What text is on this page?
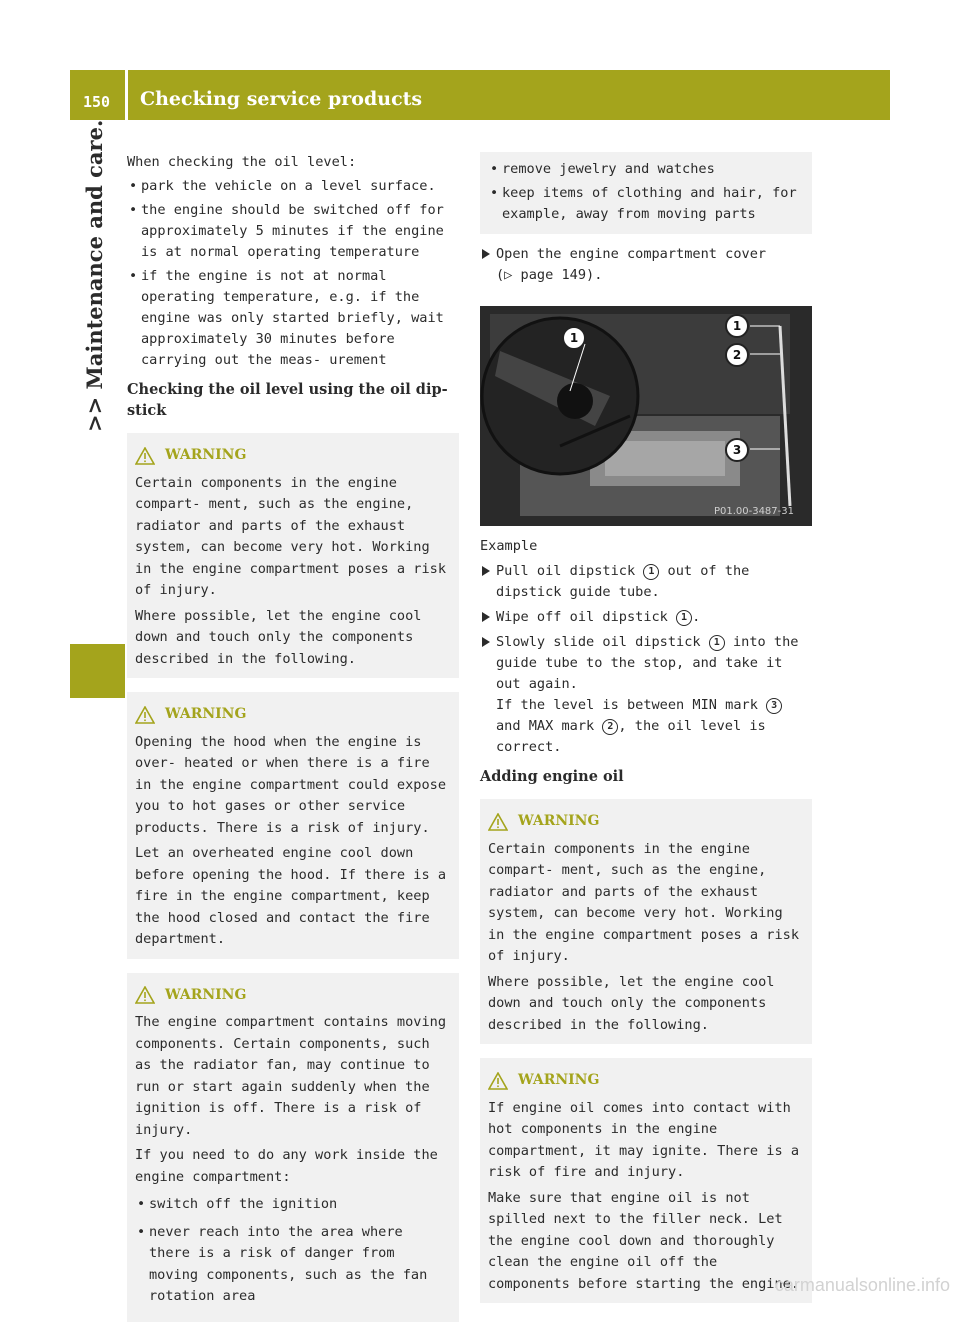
150	Checking service products
>> Maintenance and care.	When checking the oil level:

• park the vehicle on a level surface.
• the engine should be switched off for approximately 5 minutes if the engine is at normal operating temperature
• if the engine is not at normal operating temperature, e.g. if the engine was only started briefly, wait approximately 30 minutes before carrying out the meas- urement
Checking the oil level using the oil dip- stick
WARNING

Certain components in the engine compart- ment, such as the engine, radiator and parts of the exhaust system, can become very hot. Working in the engine compartment poses a risk of injury.

Where possible, let the engine cool down and touch only the components described in the following.

WARNING

Opening the hood when the engine is over- heated or when there is a fire in the engine compartment could expose you to hot gases or other service products. There is a risk of injury.

Let an overheated engine cool down before opening the hood. If there is a fire in the engine compartment, keep the hood closed and contact the fire department.

WARNING

The engine compartment contains moving components. Certain components, such as the radiator fan, may continue to run or start again suddenly when the ignition is off. There is a risk of injury.

If you need to do any work inside the engine compartment:

• switch off the ignition
• never reach into the area where there is a risk of danger from moving components, such as the fan rotation area
• remove jewelry and watches
• keep items of clothing and hair, for example, away from moving parts
Open the engine compartment cover
(▷ page 149).
1
1
2
3
P01.00-3487-31

Example

Pull oil dipstick 1 out of the dipstick guide tube.
Wipe off oil dipstick 1 .
Slowly slide oil dipstick 1 into the guide tube to the stop, and take it out again.
If the level is between MIN mark 3 and MAX mark 2 , the oil level is correct.
Adding engine oil
WARNING

Certain components in the engine compart- ment, such as the engine, radiator and parts of the exhaust system, can become very hot. Working in the engine compartment poses a risk of injury.

Where possible, let the engine cool down and touch only the components described in the following.

WARNING

If engine oil comes into contact with hot components in the engine compartment, it may ignite. There is a risk of fire and injury.

Make sure that engine oil is not spilled next to the filler neck. Let the engine cool down and thoroughly clean the engine oil off the components before starting the engine.

carmanualsonline.info
